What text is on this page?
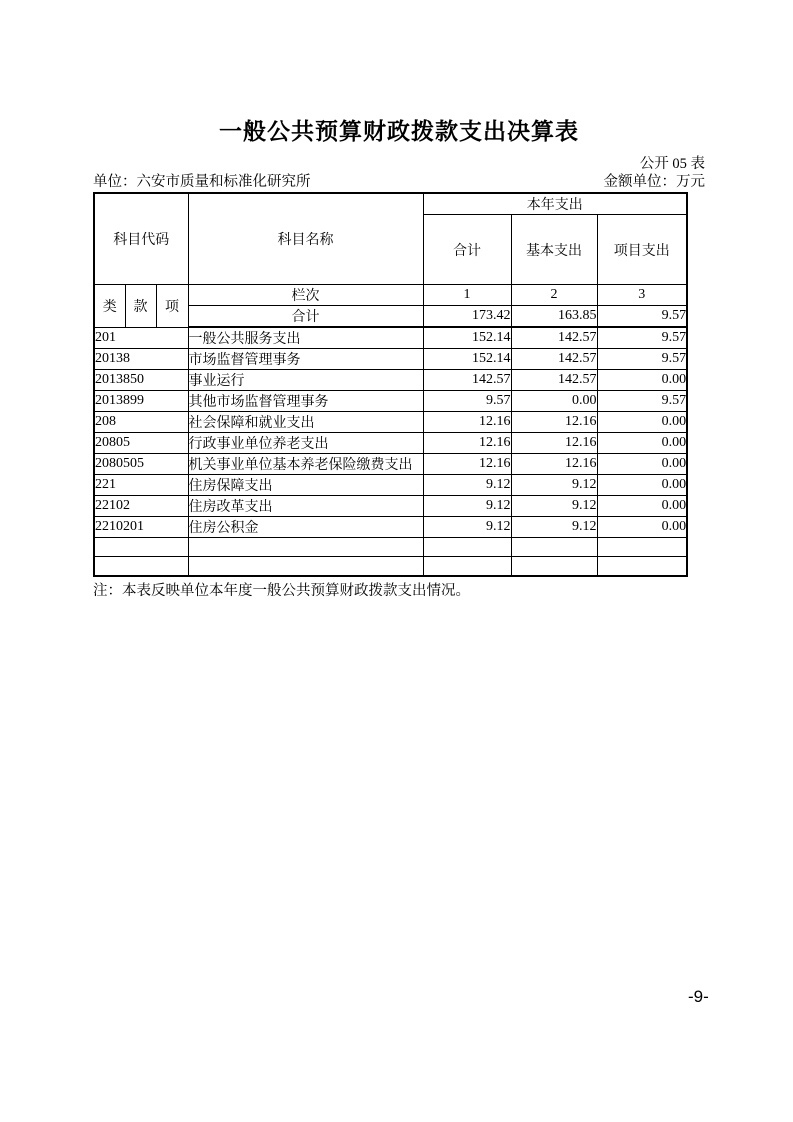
一般公共预算财政拨款支出决算表
公开 05 表
单位：六安市质量和标准化研究所	金额单位：万元
科目代码			科目名称	本年支出		
				合计	基本支出	项目支出
类	款	项	栏次	1	2	3
			合计	173.42	163.85	9.57
201			一般公共服务支出	152.14	142.57	9.57
20138			市场监督管理事务	152.14	142.57	9.57
2013850			事业运行	142.57	142.57	0.00
2013899			其他市场监督管理事务	9.57	0.00	9.57
208			社会保障和就业支出	12.16	12.16	0.00
20805			行政事业单位养老支出	12.16	12.16	0.00
2080505			机关事业单位基本养老保险缴费支出	12.16	12.16	0.00
221			住房保障支出	9.12	9.12	0.00
22102			住房改革支出	9.12	9.12	0.00
2210201			住房公积金	9.12	9.12	0.00

注：本表反映单位本年度一般公共预算财政拨款支出情况。
-9-
